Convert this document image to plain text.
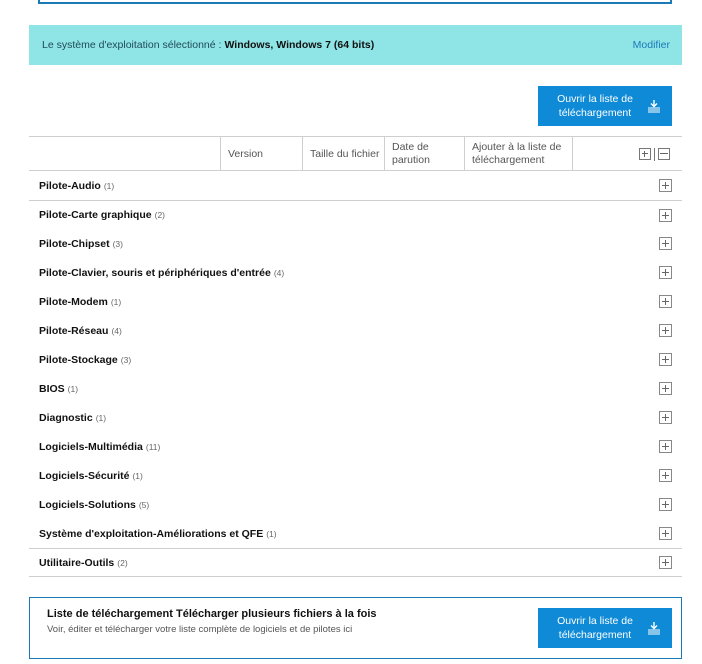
Le système d'exploitation sélectionné : Windows, Windows 7 (64 bits)	Modifier
Ouvrir la liste de
téléchargement
Version	Taille du fichier
Date de
parution
Ajouter à la liste de
téléchargement
Pilote-Audio (1)
Pilote-Carte graphique (2)
Pilote-Chipset (3)
Pilote-Clavier, souris et périphériques d'entrée (4)
Pilote-Modem (1)
Pilote-Réseau (4)
Pilote-Stockage (3)
BIOS (1)
Diagnostic (1)
Logiciels-Multimédia (11)
Logiciels-Sécurité (1)
Logiciels-Solutions (5)
Système d'exploitation-Améliorations et QFE (1)
Utilitaire-Outils (2)
Liste de téléchargement Télécharger plusieurs fichiers à la fois
Voir, éditer et télécharger votre liste complète de logiciels et de pilotes ici
Ouvrir la liste de
téléchargement
